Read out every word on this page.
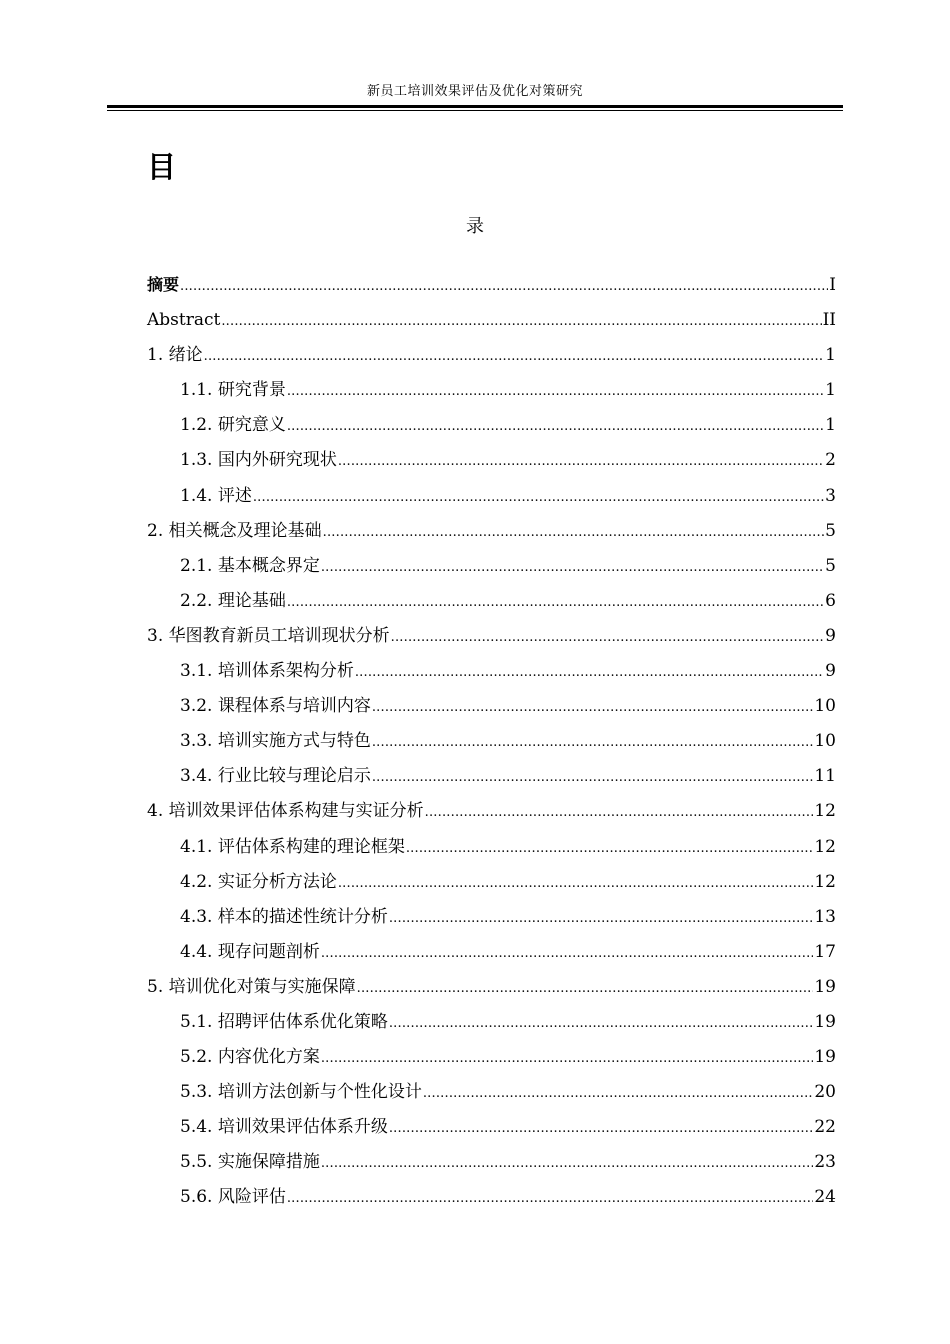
新员工培训效果评估及优化对策研究
目
录
摘要 .....	I
Abstract .....	II
1. 绪论 .....	1
1.1. 研究背景 .....	1
1.2. 研究意义 .....	1
1.3. 国内外研究现状 .....	2
1.4. 评述 .....	3
2. 相关概念及理论基础 .....	5
2.1. 基本概念界定 .....	5
2.2. 理论基础 .....	6
3. 华图教育新员工培训现状分析 .....	9
3.1. 培训体系架构分析 .....	9
3.2. 课程体系与培训内容 .....	10
3.3. 培训实施方式与特色 .....	10
3.4. 行业比较与理论启示 .....	11
4. 培训效果评估体系构建与实证分析 .....	12
4.1. 评估体系构建的理论框架 .....	12
4.2. 实证分析方法论 .....	12
4.3. 样本的描述性统计分析 .....	13
4.4. 现存问题剖析 .....	17
5. 培训优化对策与实施保障 .....	19
5.1. 招聘评估体系优化策略 .....	19
5.2. 内容优化方案 .....	19
5.3. 培训方法创新与个性化设计 .....	20
5.4. 培训效果评估体系升级 .....	22
5.5. 实施保障措施 .....	23
5.6. 风险评估 .....	24
